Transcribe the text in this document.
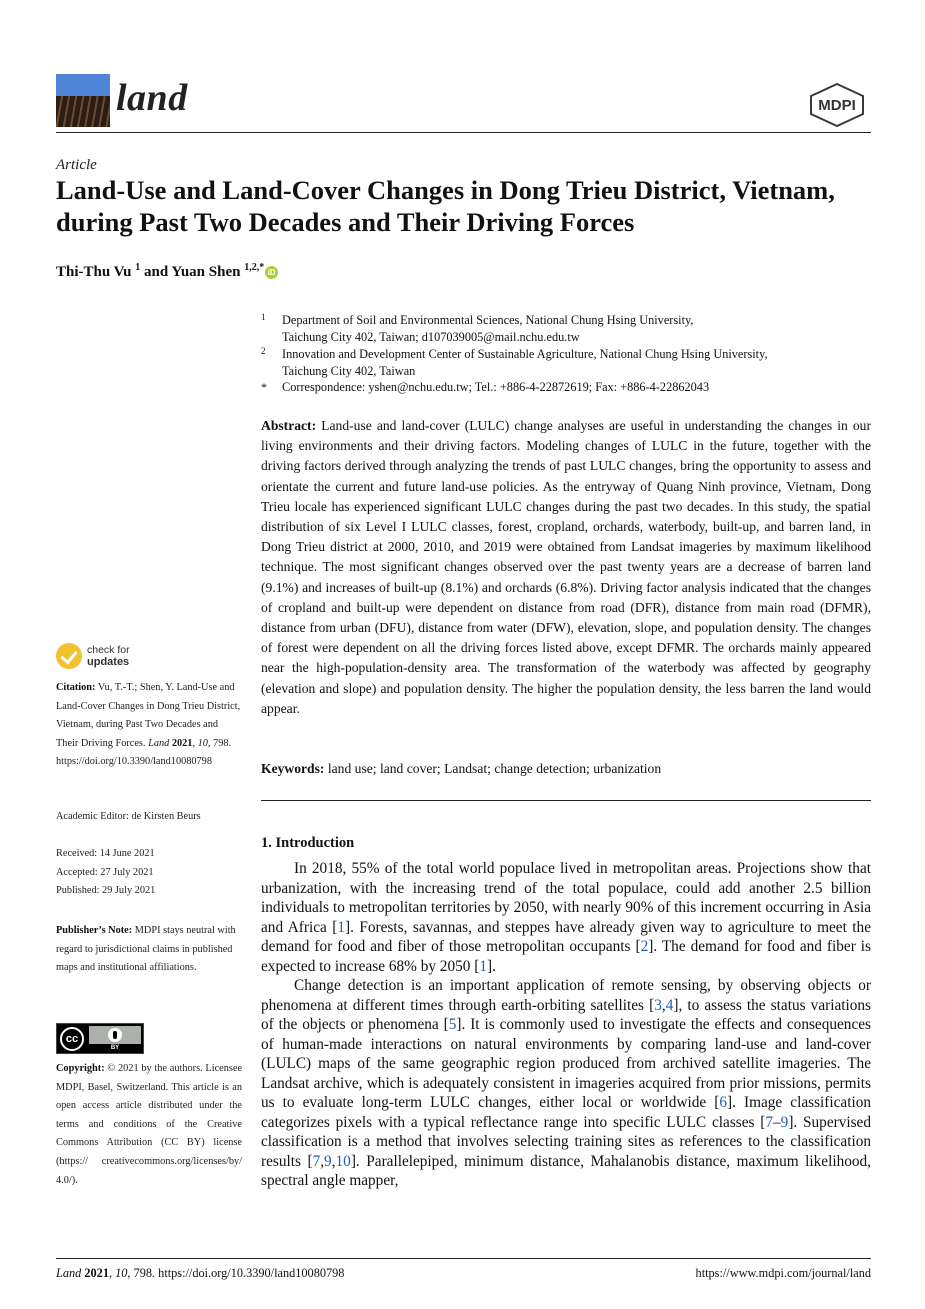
land	MDPI
Article
Land-Use and Land-Cover Changes in Dong Trieu District, Vietnam, during Past Two Decades and Their Driving Forces
Thi-Thu Vu $^1$ and Yuan Shen $^{1,2,*}$ iD
1 Department of Soil and Environmental Sciences, National Chung Hsing University,
Taichung City 402, Taiwan; d107039005@mail.nchu.edu.tw
2 Innovation and Development Center of Sustainable Agriculture, National Chung Hsing University,
Taichung City 402, Taiwan
* Correspondence: yshen@nchu.edu.tw; Tel.: +886-4-22872619; Fax: +886-4-22862043
Abstract: Land-use and land-cover (LULC) change analyses are useful in understanding the changes in our living environments and their driving factors. Modeling changes of LULC in the future, together with the driving factors derived through analyzing the trends of past LULC changes, bring the opportunity to assess and orientate the current and future land-use policies. As the entryway of Quang Ninh province, Vietnam, Dong Trieu locale has experienced significant LULC changes during the past two decades. In this study, the spatial distribution of six Level I LULC classes, forest, cropland, orchards, waterbody, built-up, and barren land, in Dong Trieu district at 2000, 2010, and 2019 were obtained from Landsat imageries by maximum likelihood technique. The most significant changes observed over the past twenty years are a decrease of barren land (9.1%) and increases of built-up (8.1%) and orchards (6.8%). Driving factor analysis indicated that the changes of cropland and built-up were dependent on distance from road (DFR), distance from main road (DFMR), distance from urban (DFU), distance from water (DFW), elevation, slope, and population density. The changes of forest were dependent on all the driving forces listed above, except DFMR. The orchards mainly appeared near the high-population-density area. The transformation of the waterbody was affected by geography (elevation and slope) and population density. The higher the population density, the less barren the land would appear.
Keywords: land use; land cover; Landsat; change detection; urbanization
1. Introduction

In 2018, 55% of the total world populace lived in metropolitan areas. Projections show that urbanization, with the increasing trend of the total populace, could add another 2.5 billion individuals to metropolitan territories by 2050, with nearly 90% of this increment occurring in Asia and Africa [1]. Forests, savannas, and steppes have already given way to agriculture to meet the demand for food and fiber of those metropolitan occupants [2]. The demand for food and fiber is expected to increase 68% by 2050 [1].

Change detection is an important application of remote sensing, by observing objects or phenomena at different times through earth-orbiting satellites [3,4], to assess the status variations of the objects or phenomena [5]. It is commonly used to investigate the effects and consequences of human-made interactions on natural environments by comparing land-use and land-cover (LULC) maps of the same geographic region produced from archived satellite imageries. The Landsat archive, which is adequately consistent in imageries acquired from prior missions, permits us to evaluate long-term LULC changes, either local or worldwide [6]. Image classification categorizes pixels with a typical reflectance range into specific LULC classes [7–9]. Supervised classification is a method that involves selecting training sites as references to the classification results [7,9,10]. Parallelepiped, minimum distance, Mahalanobis distance, maximum likelihood, spectral angle mapper,

check for
updates
Citation: Vu, T.-T.; Shen, Y. Land-Use and Land-Cover Changes in Dong Trieu District, Vietnam, during Past Two Decades and Their Driving Forces. Land 2021, 10, 798. https://doi.org/10.3390/land10080798
Academic Editor: de Kirsten Beurs
Received: 14 June 2021
Accepted: 27 July 2021
Published: 29 July 2021
Publisher’s Note: MDPI stays neutral with regard to jurisdictional claims in published maps and institutional affiliations.
cc
BY
Copyright: © 2021 by the authors. Licensee MDPI, Basel, Switzerland. This article is an open access article distributed under the terms and conditions of the Creative Commons Attribution (CC BY) license (https:// creativecommons.org/licenses/by/ 4.0/).
Land 2021, 10, 798. https://doi.org/10.3390/land10080798	https://www.mdpi.com/journal/land
